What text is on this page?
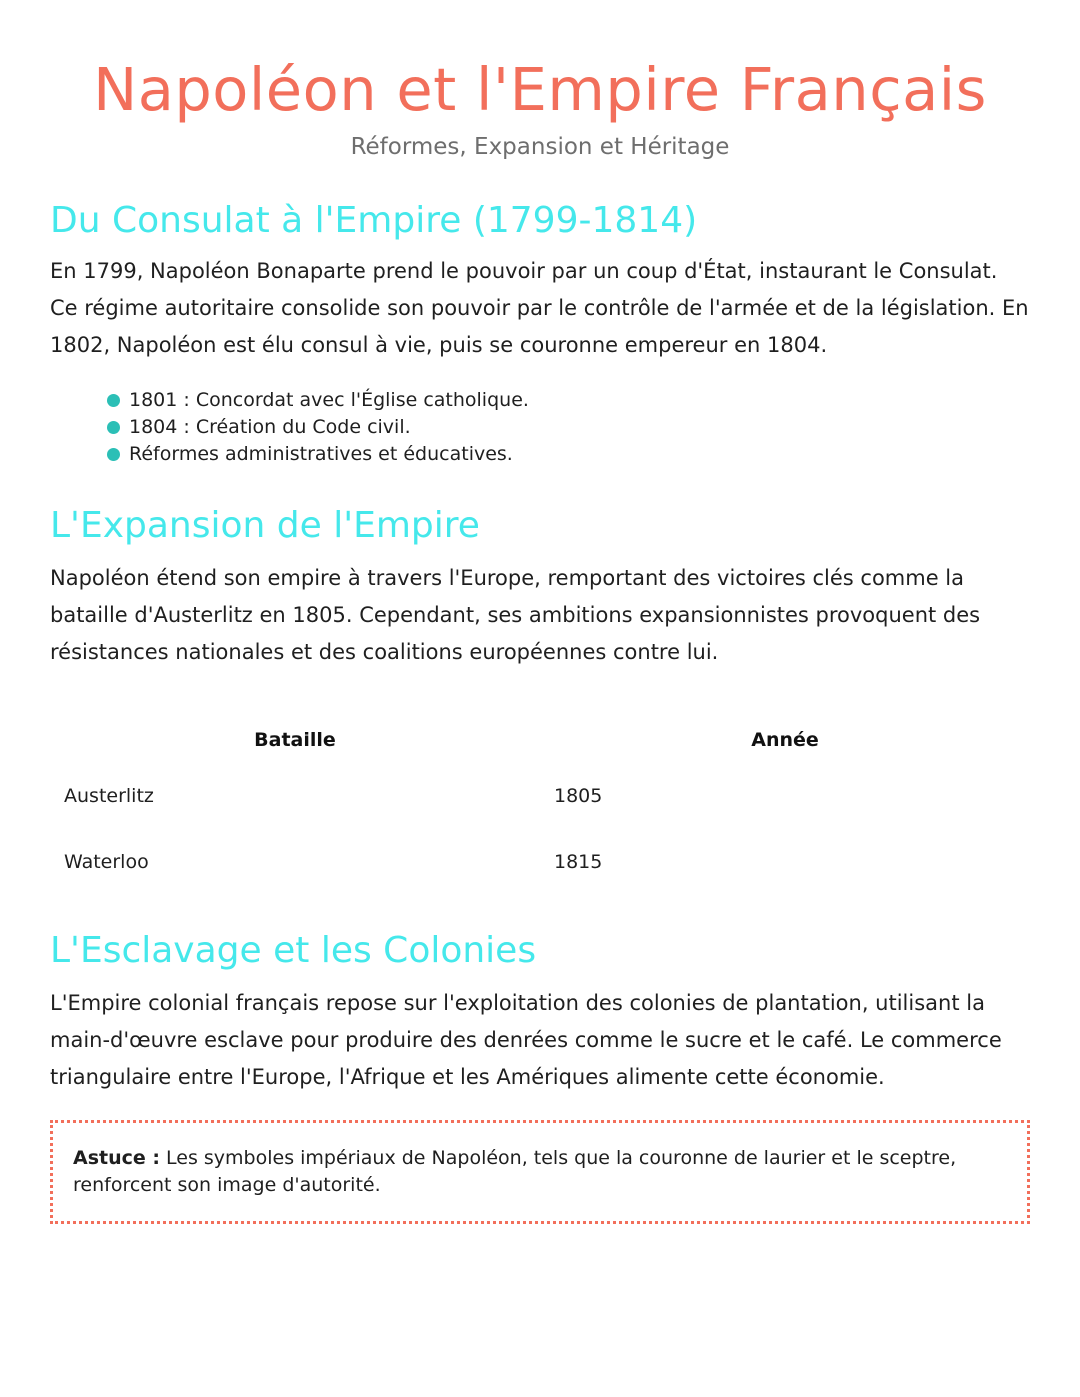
Napoléon et l'Empire Français
Réformes, Expansion et Héritage
Du Consulat à l'Empire (1799-1814)

En 1799, Napoléon Bonaparte prend le pouvoir par un coup d'État, instaurant le Consulat. Ce régime autoritaire consolide son pouvoir par le contrôle de l'armée et de la législation. En 1802, Napoléon est élu consul à vie, puis se couronne empereur en 1804.

1801 : Concordat avec l'Église catholique.
1804 : Création du Code civil.
Réformes administratives et éducatives.
L'Expansion de l'Empire

Napoléon étend son empire à travers l'Europe, remportant des victoires clés comme la bataille d'Austerlitz en 1805. Cependant, ses ambitions expansionnistes provoquent des résistances nationales et des coalitions européennes contre lui.

Bataille	Année
Austerlitz	1805
Waterloo	1815
L'Esclavage et les Colonies

L'Empire colonial français repose sur l'exploitation des colonies de plantation, utilisant la main-d'œuvre esclave pour produire des denrées comme le sucre et le café. Le commerce triangulaire entre l'Europe, l'Afrique et les Amériques alimente cette économie.

Astuce : Les symboles impériaux de Napoléon, tels que la couronne de laurier et le sceptre, renforcent son image d'autorité.
